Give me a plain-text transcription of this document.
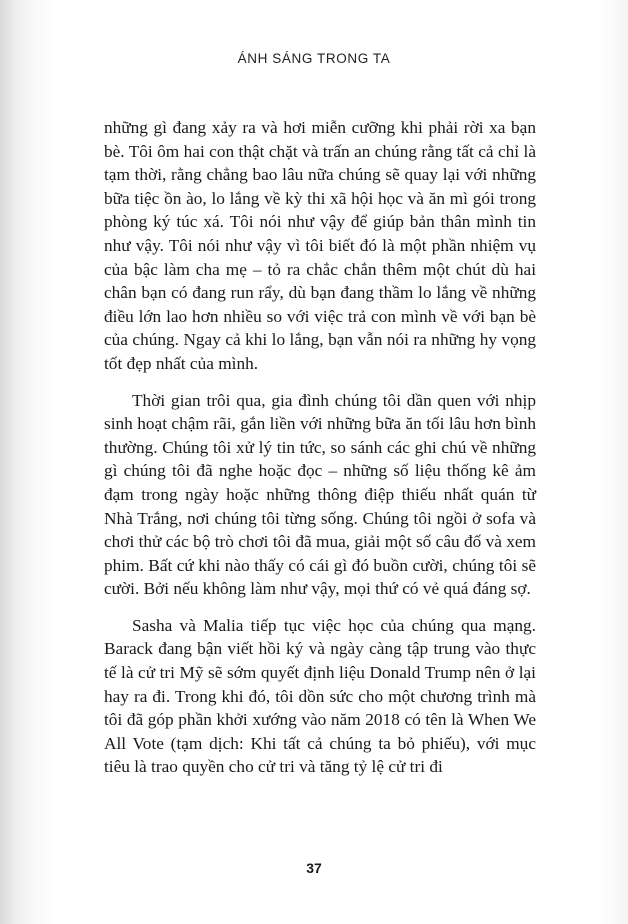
ÁNH SÁNG TRONG TA

những gì đang xảy ra và hơi miễn cưỡng khi phải rời xa bạn bè. Tôi ôm hai con thật chặt và trấn an chúng rằng tất cả chỉ là tạm thời, rằng chẳng bao lâu nữa chúng sẽ quay lại với những bữa tiệc ồn ào, lo lắng về kỳ thi xã hội học và ăn mì gói trong phòng ký túc xá. Tôi nói như vậy để giúp bản thân mình tin như vậy. Tôi nói như vậy vì tôi biết đó là một phần nhiệm vụ của bậc làm cha mẹ – tỏ ra chắc chắn thêm một chút dù hai chân bạn có đang run rẩy, dù bạn đang thầm lo lắng về những điều lớn lao hơn nhiều so với việc trả con mình về với bạn bè của chúng. Ngay cả khi lo lắng, bạn vẫn nói ra những hy vọng tốt đẹp nhất của mình.

Thời gian trôi qua, gia đình chúng tôi dần quen với nhịp sinh hoạt chậm rãi, gắn liền với những bữa ăn tối lâu hơn bình thường. Chúng tôi xử lý tin tức, so sánh các ghi chú về những gì chúng tôi đã nghe hoặc đọc – những số liệu thống kê ảm đạm trong ngày hoặc những thông điệp thiếu nhất quán từ Nhà Trắng, nơi chúng tôi từng sống. Chúng tôi ngồi ở sofa và chơi thử các bộ trò chơi tôi đã mua, giải một số câu đố và xem phim. Bất cứ khi nào thấy có cái gì đó buồn cười, chúng tôi sẽ cười. Bởi nếu không làm như vậy, mọi thứ có vẻ quá đáng sợ.

Sasha và Malia tiếp tục việc học của chúng qua mạng. Barack đang bận viết hồi ký và ngày càng tập trung vào thực tế là cử tri Mỹ sẽ sớm quyết định liệu Donald Trump nên ở lại hay ra đi. Trong khi đó, tôi dồn sức cho một chương trình mà tôi đã góp phần khởi xướng vào năm 2018 có tên là When We All Vote (tạm dịch: Khi tất cả chúng ta bỏ phiếu), với mục tiêu là trao quyền cho cử tri và tăng tỷ lệ cử tri đi

37
